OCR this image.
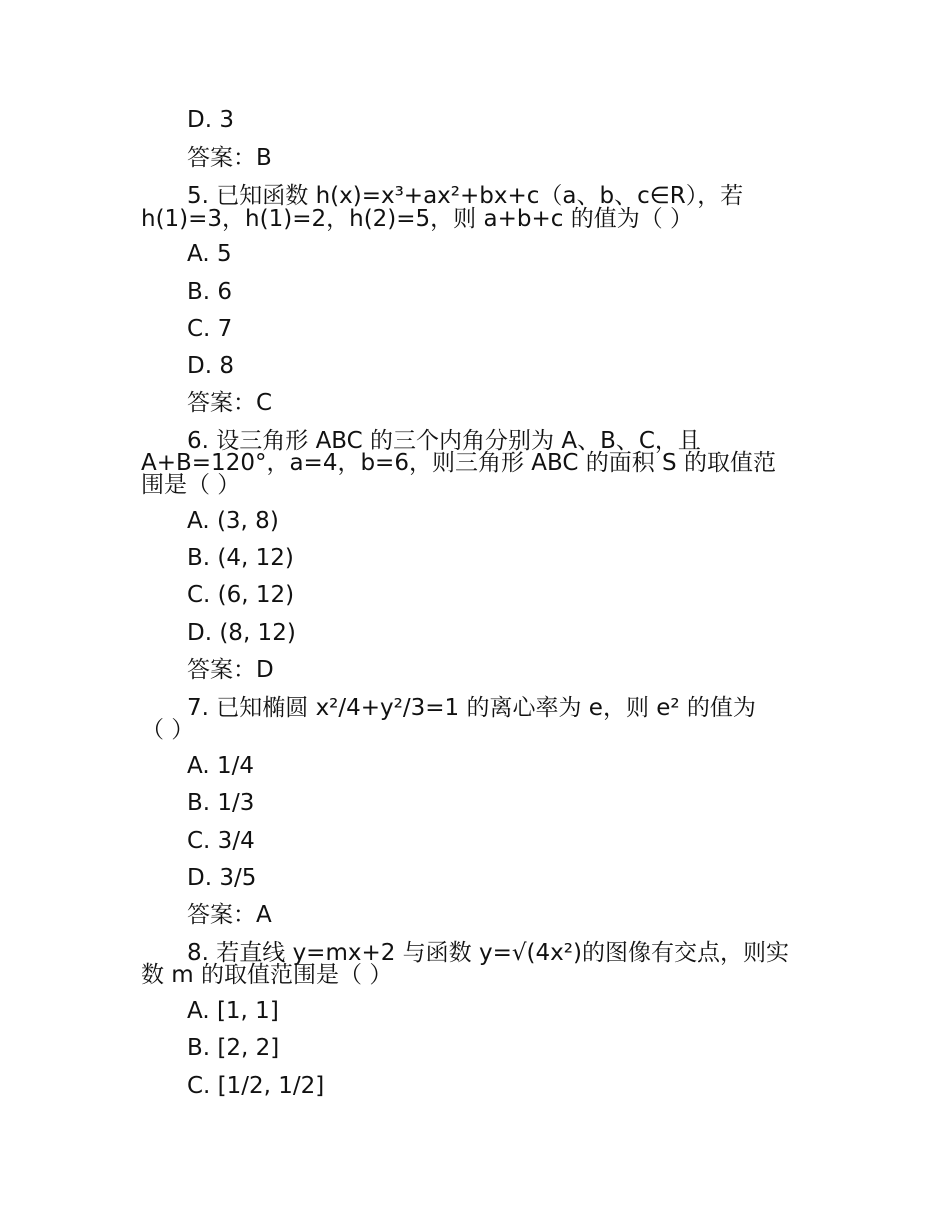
D. 3
答案：B
5. 已知函数 h(x)=x³+ax²+bx+c（a、b、c∈R），若
h(1)=3，h(1)=2，h(2)=5，则 a+b+c 的值为（ ）
A. 5
B. 6
C. 7
D. 8
答案：C
6. 设三角形 ABC 的三个内角分别为 A、B、C，且
A+B=120°，a=4，b=6，则三角形 ABC 的面积 S 的取值范
围是（ ）
A. (3, 8)
B. (4, 12)
C. (6, 12)
D. (8, 12)
答案：D
7. 已知椭圆 x²/4+y²/3=1 的离心率为 e，则 e² 的值为
（ ）
A. 1/4
B. 1/3
C. 3/4
D. 3/5
答案：A
8. 若直线 y=mx+2 与函数 y=√(4x²)的图像有交点，则实
数 m 的取值范围是（ ）
A. [1, 1]
B. [2, 2]
C. [1/2, 1/2]
